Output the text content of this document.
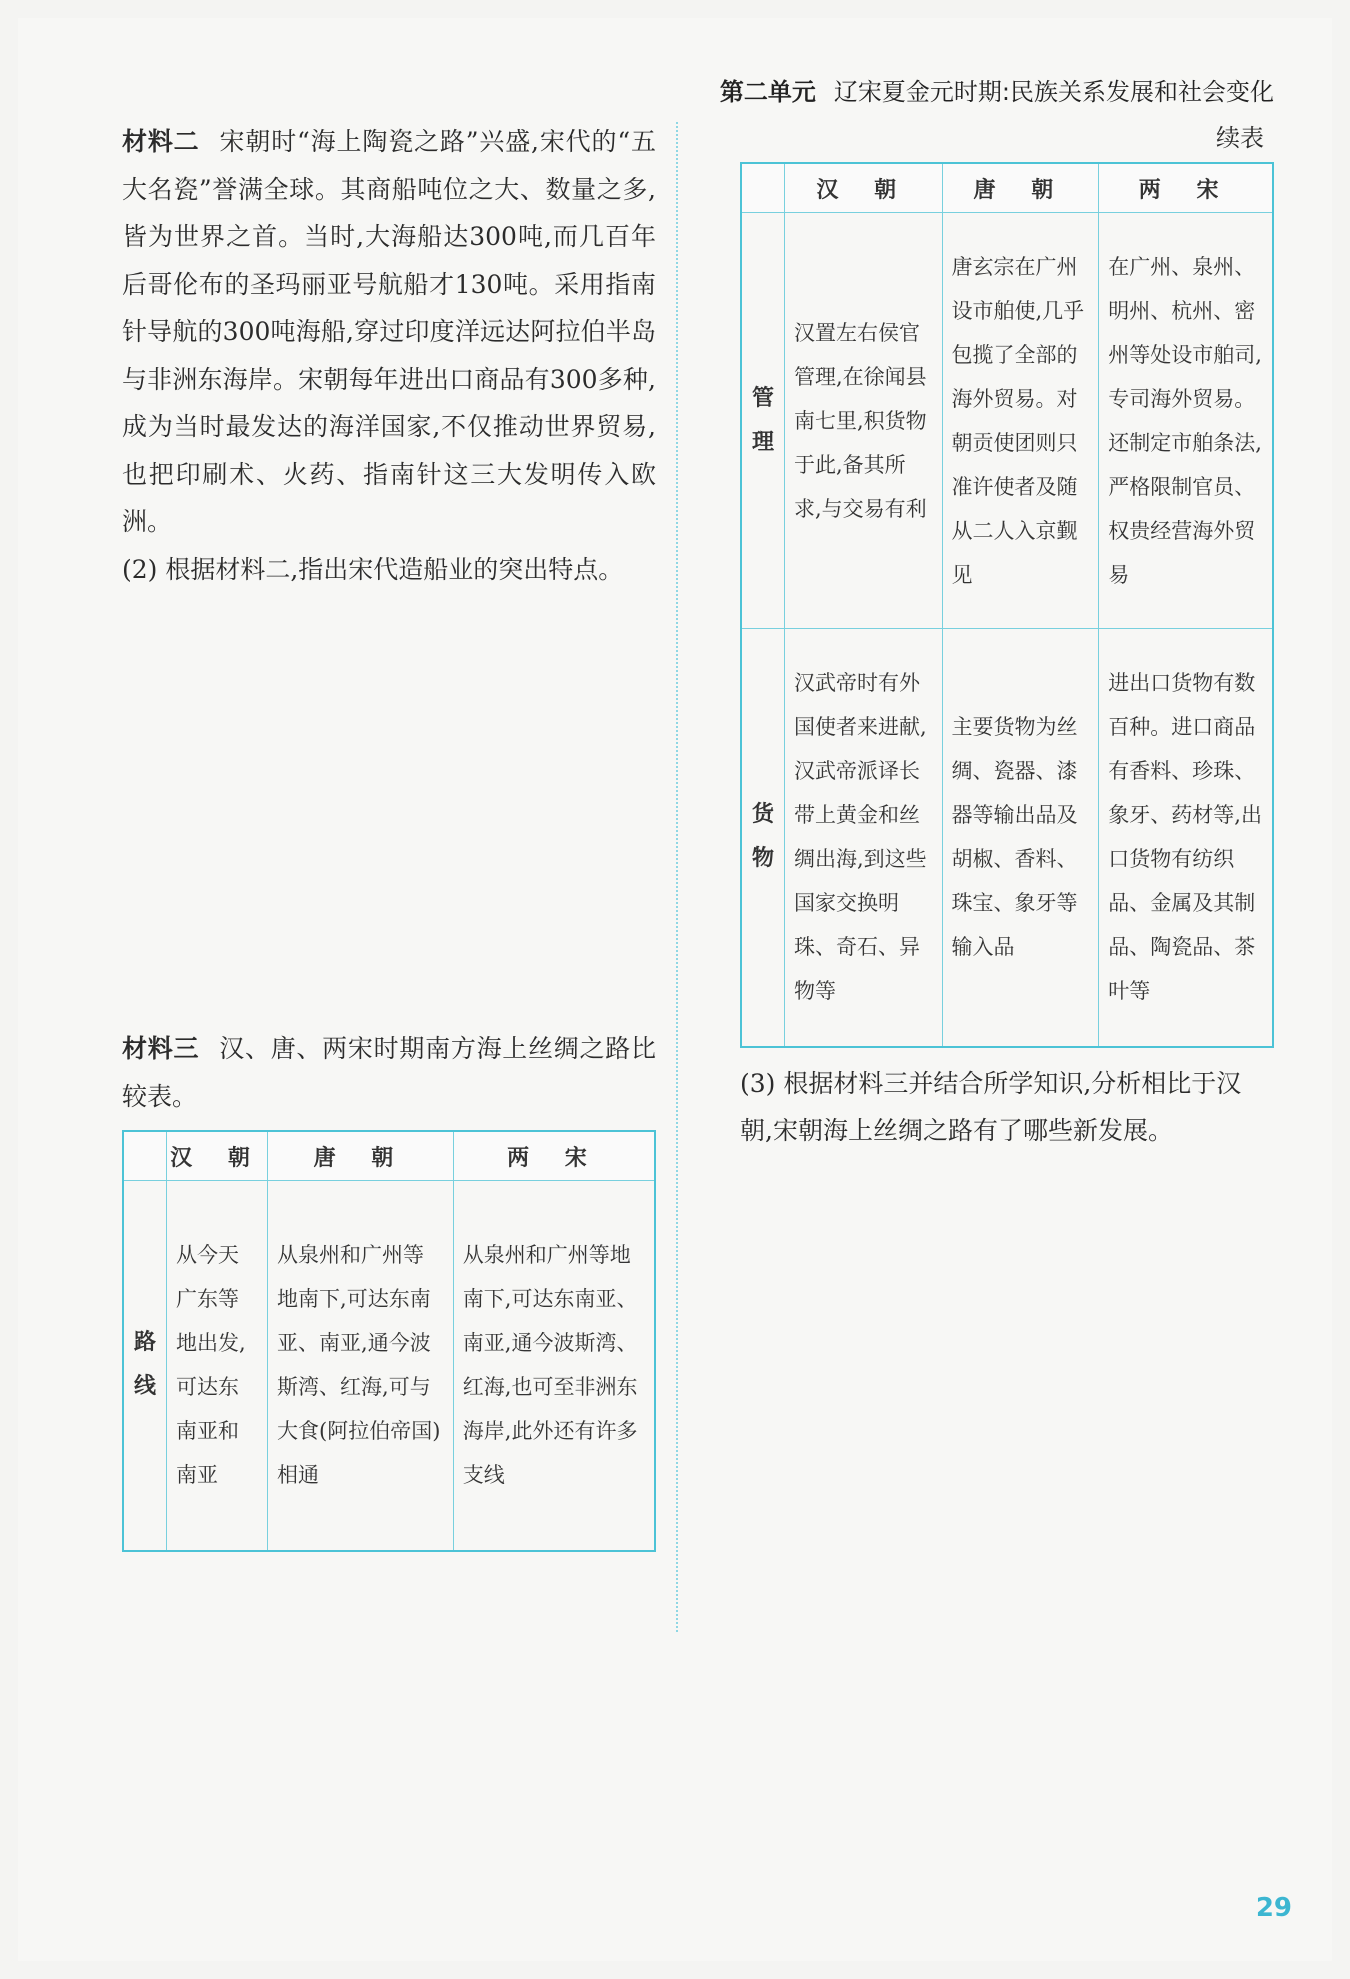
第二单元 辽宋夏金元时期:民族关系发展和社会变化

材料二 宋朝时“海上陶瓷之路”兴盛,宋代的“五大名瓷”誉满全球。其商船吨位之大、数量之多,皆为世界之首。当时,大海船达300吨,而几百年后哥伦布的圣玛丽亚号航船才130吨。采用指南针导航的300吨海船,穿过印度洋远达阿拉伯半岛与非洲东海岸。宋朝每年进出口商品有300多种,成为当时最发达的海洋国家,不仅推动世界贸易,也把印刷术、火药、指南针这三大发明传入欧洲。

(2) 根据材料二,指出宋代造船业的突出特点。

材料三 汉、唐、两宋时期南方海上丝绸之路比较表。

	汉 朝	唐 朝	两 宋
路线	从今天广东等地出发,可达东南亚和南亚	从泉州和广州等地南下,可达东南亚、南亚,通今波斯湾、红海,可与大食(阿拉伯帝国)相通	从泉州和广州等地南下,可达东南亚、南亚,通今波斯湾、红海,也可至非洲东海岸,此外还有许多支线

续表

	汉 朝	唐 朝	两 宋
管理	汉置左右侯官管理,在徐闻县南七里,积货物于此,备其所求,与交易有利	唐玄宗在广州设市舶使,几乎包揽了全部的海外贸易。对朝贡使团则只准许使者及随从二人入京觐见	在广州、泉州、明州、杭州、密州等处设市舶司,专司海外贸易。还制定市舶条法,严格限制官员、权贵经营海外贸易
货物	汉武帝时有外国使者来进献,汉武帝派译长带上黄金和丝绸出海,到这些国家交换明珠、奇石、异物等	主要货物为丝绸、瓷器、漆器等输出品及胡椒、香料、珠宝、象牙等输入品	进出口货物有数百种。进口商品有香料、珍珠、象牙、药材等,出口货物有纺织品、金属及其制品、陶瓷品、茶叶等

(3) 根据材料三并结合所学知识,分析相比于汉朝,宋朝海上丝绸之路有了哪些新发展。

29
